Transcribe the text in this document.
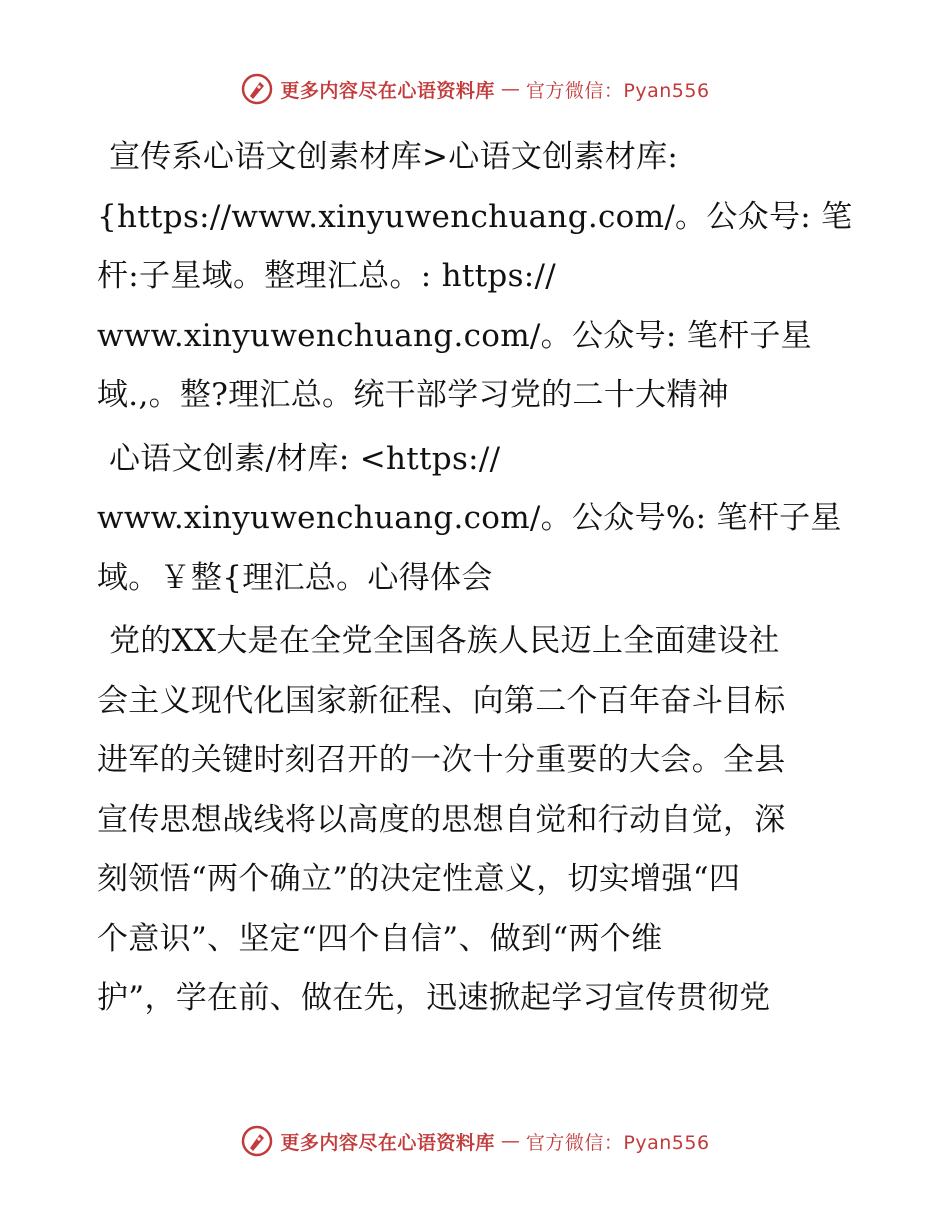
更多内容尽在心语资料库 — 官方微信：Pyan556
宣传系心语文创素材库>心语文创素材库:
{https://www.xinyuwenchuang.com/。公众号: 笔
杆:子星域。整理汇总。: https://
www.xinyuwenchuang.com/。公众号: 笔杆子星
域.,。整?理汇总。统干部学习党的二十大精神
心语文创素/材库: <https://
www.xinyuwenchuang.com/。公众号%: 笔杆子星
域。￥整{理汇总。心得体会
党的XX大是在全党全国各族人民迈上全面建设社
会主义现代化国家新征程、向第二个百年奋斗目标
进军的关键时刻召开的一次十分重要的大会。全县
宣传思想战线将以高度的思想自觉和行动自觉，深
刻领悟“两个确立”的决定性意义，切实增强“四
个意识”、坚定“四个自信”、做到“两个维
护”，学在前、做在先，迅速掀起学习宣传贯彻党
更多内容尽在心语资料库 — 官方微信：Pyan556
